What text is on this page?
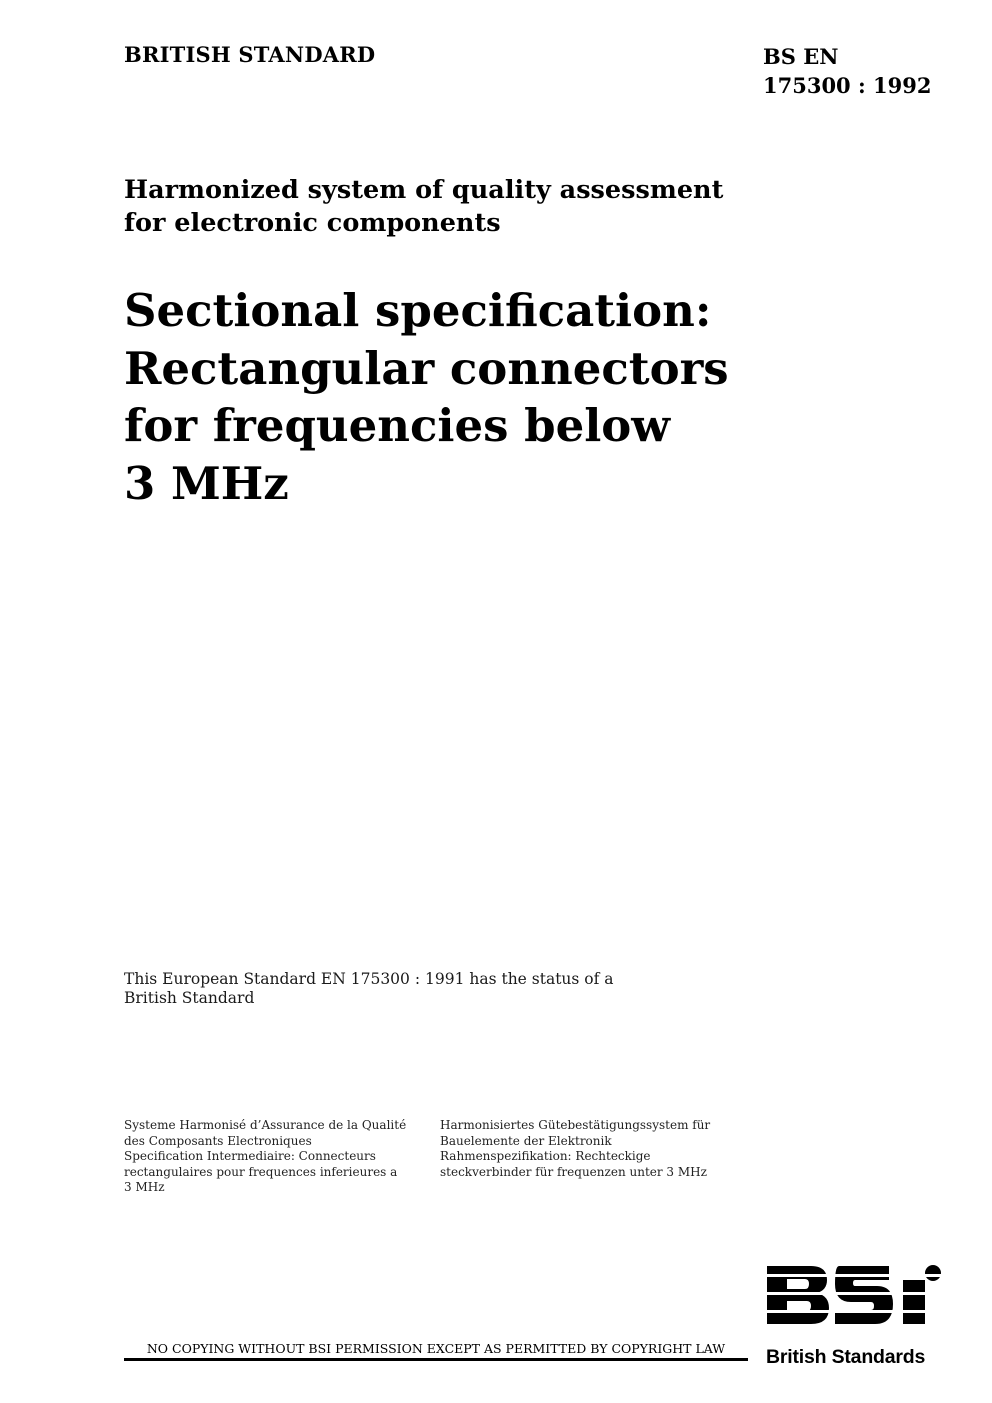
BRITISH STANDARD	BS EN
175300 : 1992
Harmonized system of quality assessment
for electronic components
Sectional specification:
Rectangular connectors
for frequencies below
3 MHz
This European Standard EN 175300 : 1991 has the status of a
British Standard
Systeme Harmonisé d’Assurance de la Qualité
des Composants Electroniques
Specification Intermediaire: Connecteurs
rectangulaires pour frequences inferieures a
3 MHz
Harmonisiertes Gütebestätigungssystem für
Bauelemente der Elektronik
Rahmenspezifikation: Rechteckige
steckverbinder für frequenzen unter 3 MHz
NO COPYING WITHOUT BSI PERMISSION EXCEPT AS PERMITTED BY COPYRIGHT LAW	British Standards
